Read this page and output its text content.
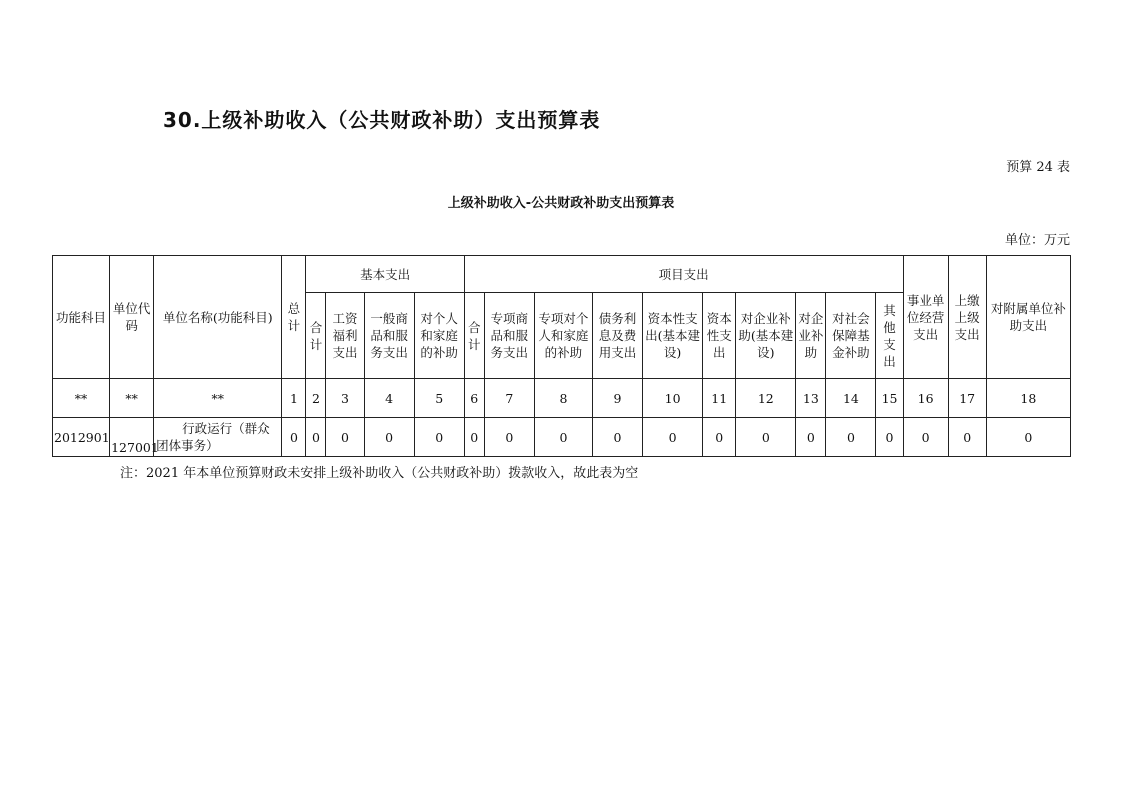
30.上级补助收入（公共财政补助）支出预算表
预算 24 表
上级补助收入-公共财政补助支出预算表
单位：万元
功能科目	单位代码	单位名称(功能科目)	总计	基本支出				项目支出										事业单位经营支出	上缴上级支出	对附属单位补助支出
				合计	工资福利支出	一般商品和服务支出	对个人和家庭的补助	合计	专项商品和服务支出	专项对个人和家庭的补助	债务利息及费用支出	资本性支出(基本建设)	资本性支出	对企业补助(基本建设)	对企业补助	对社会保障基金补助	其他支出			
**	**	**	1	2	3	4	5	6	7	8	9	10	11	12	13	14	15	16	17	18
2012901	127001	行政运行（群众团体事务）	0	0	0	0	0	0	0	0	0	0	0	0	0	0	0	0	0	0
注：2021 年本单位预算财政未安排上级补助收入（公共财政补助）拨款收入，故此表为空
